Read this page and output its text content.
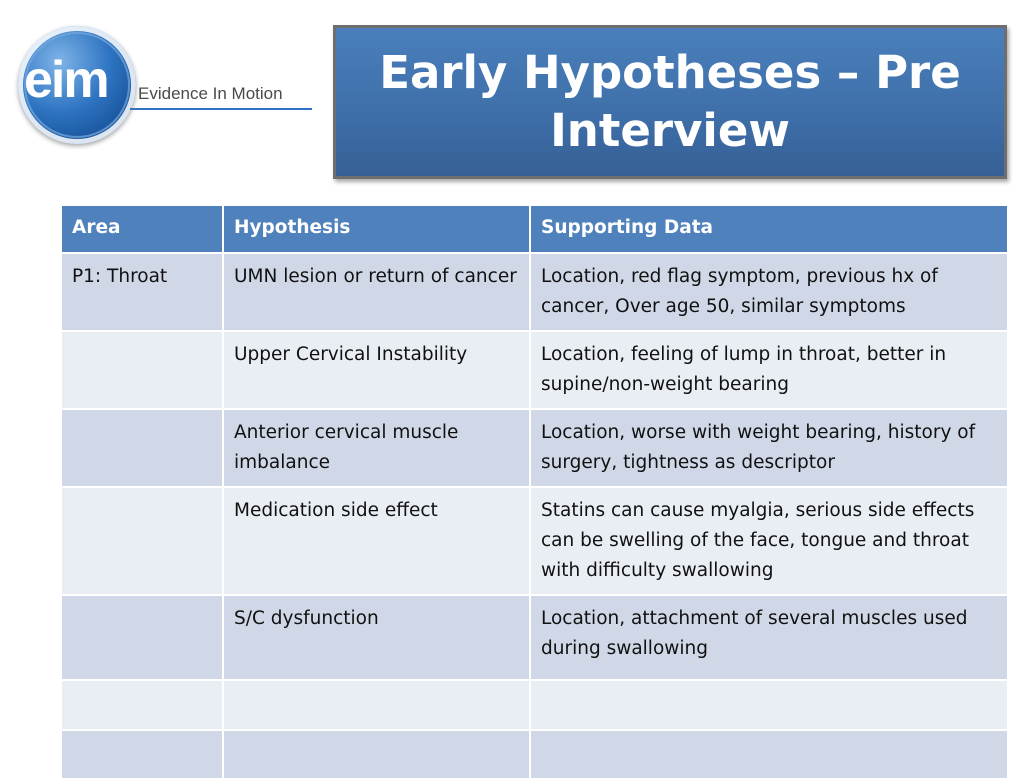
eim Evidence In Motion	Early Hypotheses – Pre Interview
Area	Hypothesis	Supporting Data
P1: Throat	UMN lesion or return of cancer	Location, red flag symptom, previous hx of cancer, Over age 50, similar symptoms
	Upper Cervical Instability	Location, feeling of lump in throat, better in supine/non-weight bearing
	Anterior cervical muscle imbalance	Location, worse with weight bearing, history of surgery, tightness as descriptor
	Medication side effect	Statins can cause myalgia, serious side effects can be swelling of the face, tongue and throat with difficulty swallowing
	S/C dysfunction	Location, attachment of several muscles used during swallowing
